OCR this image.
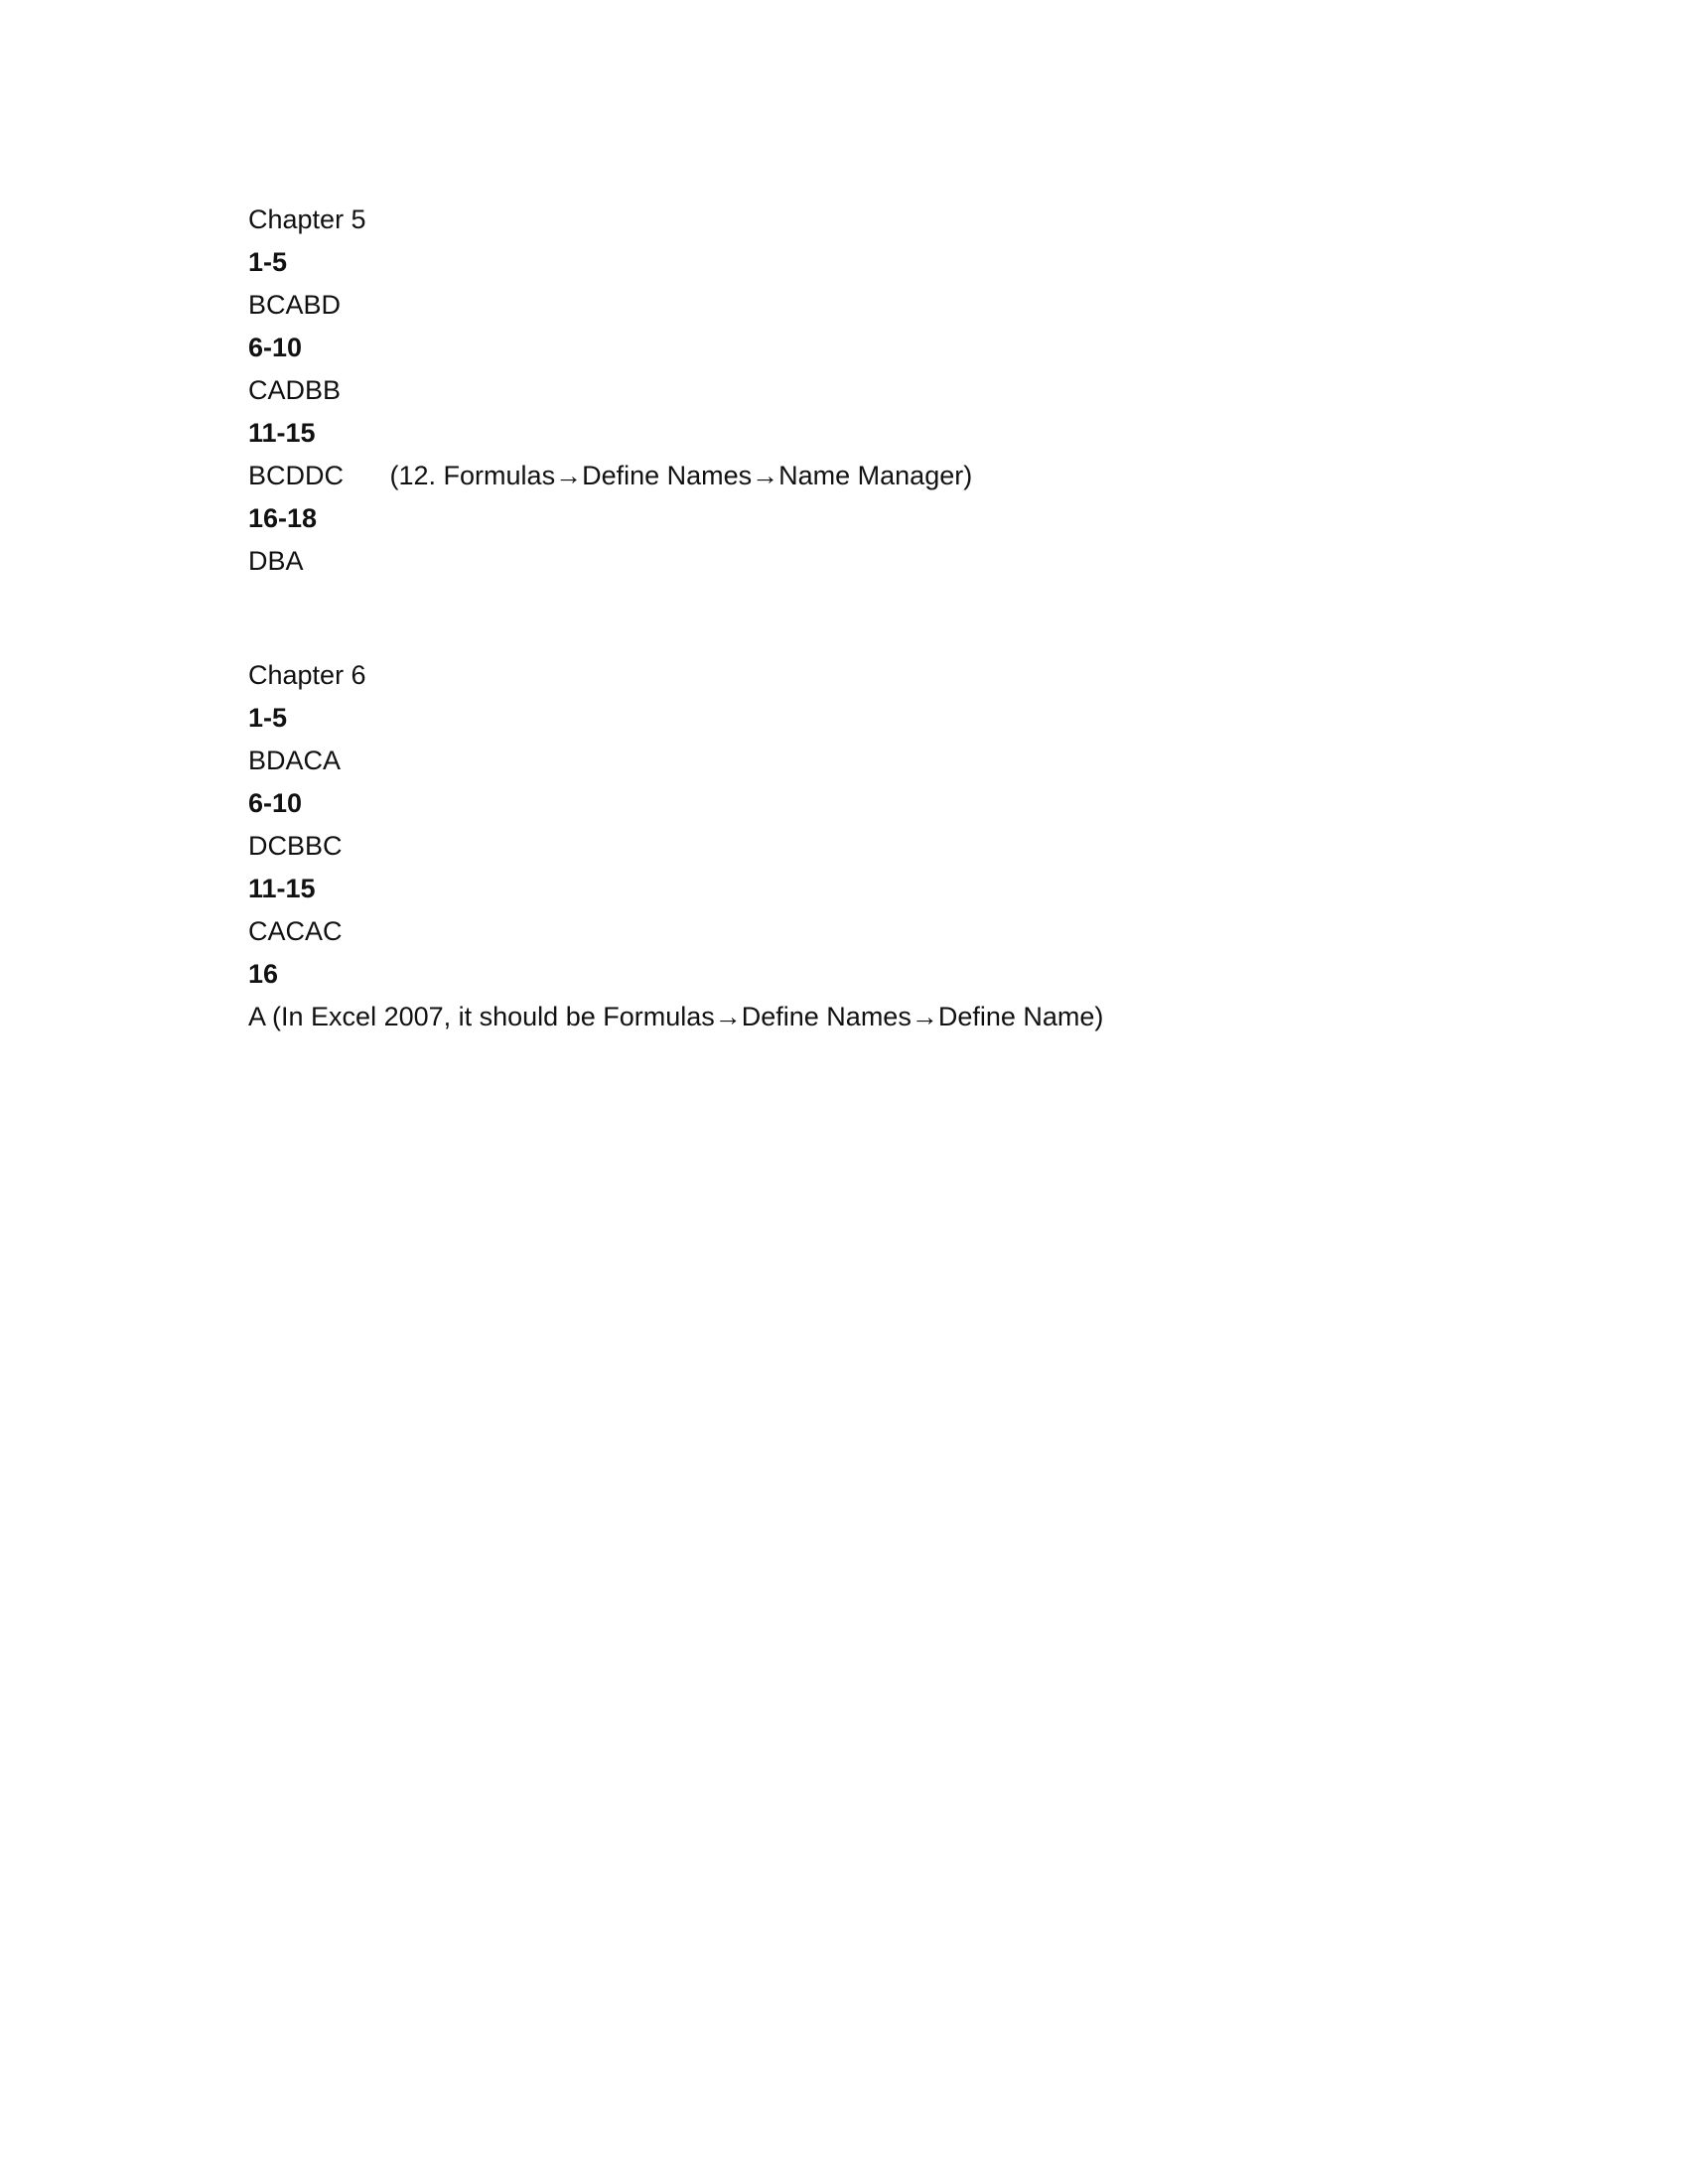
Chapter 5
1-5
BCABD
6-10
CADBB
11-15
BCDDC (12. Formulas→Define Names→Name Manager)
16-18
DBA
Chapter 6
1-5
BDACA
6-10
DCBBC
11-15
CACAC
16
A (In Excel 2007, it should be Formulas→Define Names→Define Name)
